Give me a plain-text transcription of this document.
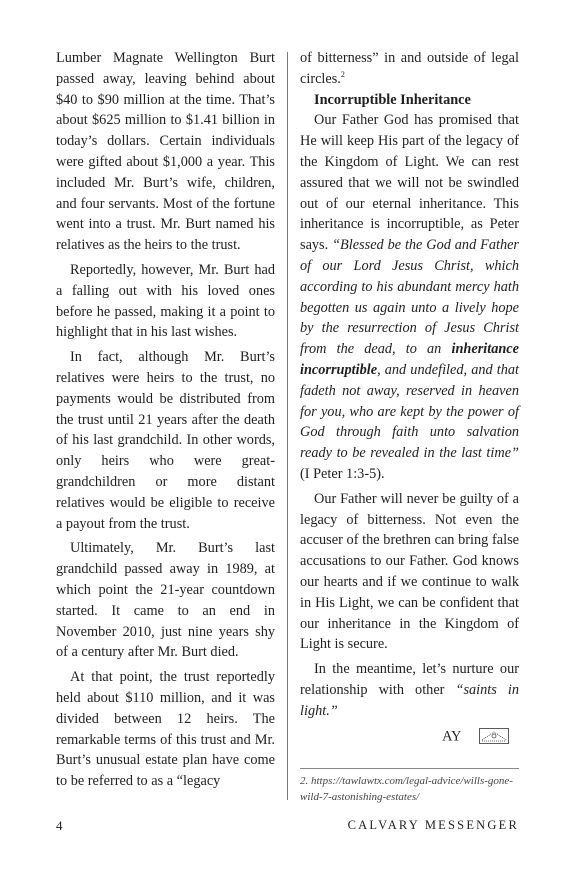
Lumber Magnate Wellington Burt passed away, leaving behind about $40 to $90 million at the time. That’s about $625 million to $1.41 billion in today’s dollars. Certain individuals were gifted about $1,000 a year. This included Mr. Burt’s wife, children, and four servants. Most of the fortune went into a trust. Mr. Burt named his relatives as the heirs to the trust.

Reportedly, however, Mr. Burt had a falling out with his loved ones before he passed, making it a point to highlight that in his last wishes.

In fact, although Mr. Burt’s relatives were heirs to the trust, no payments would be distributed from the trust until 21 years after the death of his last grandchild. In other words, only heirs who were great-grandchildren or more distant relatives would be eligible to receive a payout from the trust.

Ultimately, Mr. Burt’s last grandchild passed away in 1989, at which point the 21-year countdown started. It came to an end in November 2010, just nine years shy of a century after Mr. Burt died.

At that point, the trust reportedly held about $110 million, and it was divided between 12 heirs. The remarkable terms of this trust and Mr. Burt’s unusual estate plan have come to be referred to as a “legacy

of bitterness” in and outside of legal circles.$^2$

Incorruptible Inheritance

Our Father God has promised that He will keep His part of the legacy of the Kingdom of Light. We can rest assured that we will not be swindled out of our eternal inheritance. This inheritance is incorruptible, as Peter says. “Blessed be the God and Father of our Lord Jesus Christ, which according to his abundant mercy hath begotten us again unto a lively hope by the resurrection of Jesus Christ from the dead, to an inheritance incorruptible, and undefiled, and that fadeth not away, reserved in heaven for you, who are kept by the power of God through faith unto salvation ready to be revealed in the last time” (I Peter 1:3-5).

Our Father will never be guilty of a legacy of bitterness. Not even the accuser of the brethren can bring false accusations to our Father. God knows our hearts and if we continue to walk in His Light, we can be confident that our inheritance in the Kingdom of Light is secure.

In the meantime, let’s nurture our relationship with other “saints in light.”

AY
2. https://tawlawtx.com/legal-advice/wills-gone-wild-7-astonishing-estates/
4	CALVARY MESSENGER
